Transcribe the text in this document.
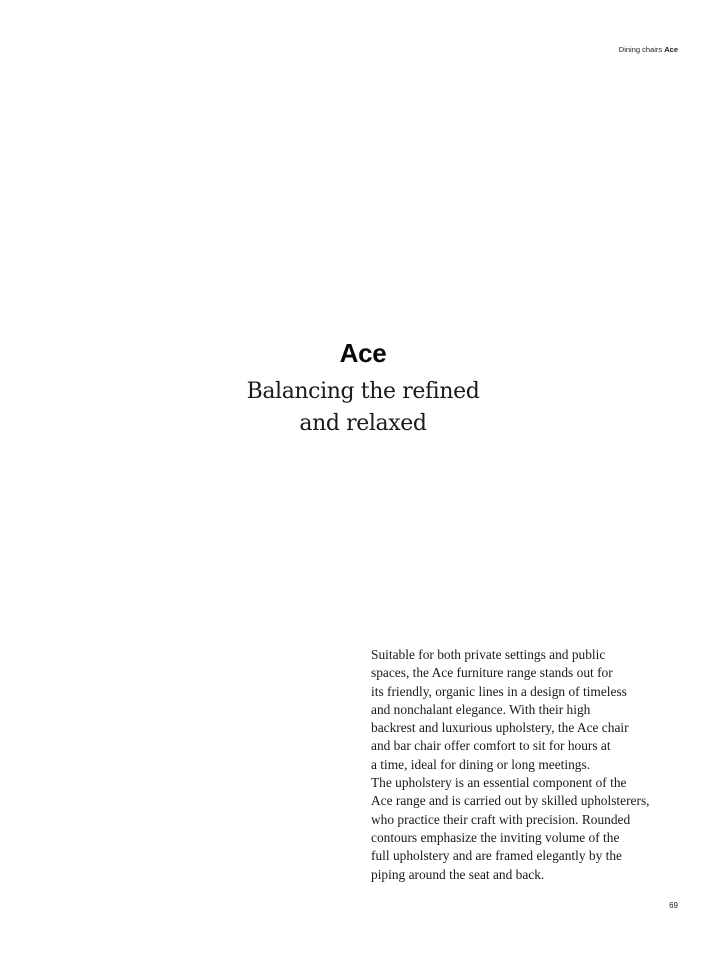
Dining chairs Ace
Ace
Balancing the refined
and relaxed
Suitable for both private settings and public
spaces, the Ace furniture range stands out for
its friendly, organic lines in a design of timeless
and nonchalant elegance. With their high
backrest and luxurious upholstery, the Ace chair
and bar chair offer comfort to sit for hours at
a time, ideal for dining or long meetings.
The upholstery is an essential component of the
Ace range and is carried out by skilled upholsterers,
who practice their craft with precision. Rounded
contours emphasize the inviting volume of the
full upholstery and are framed elegantly by the
piping around the seat and back.
69
